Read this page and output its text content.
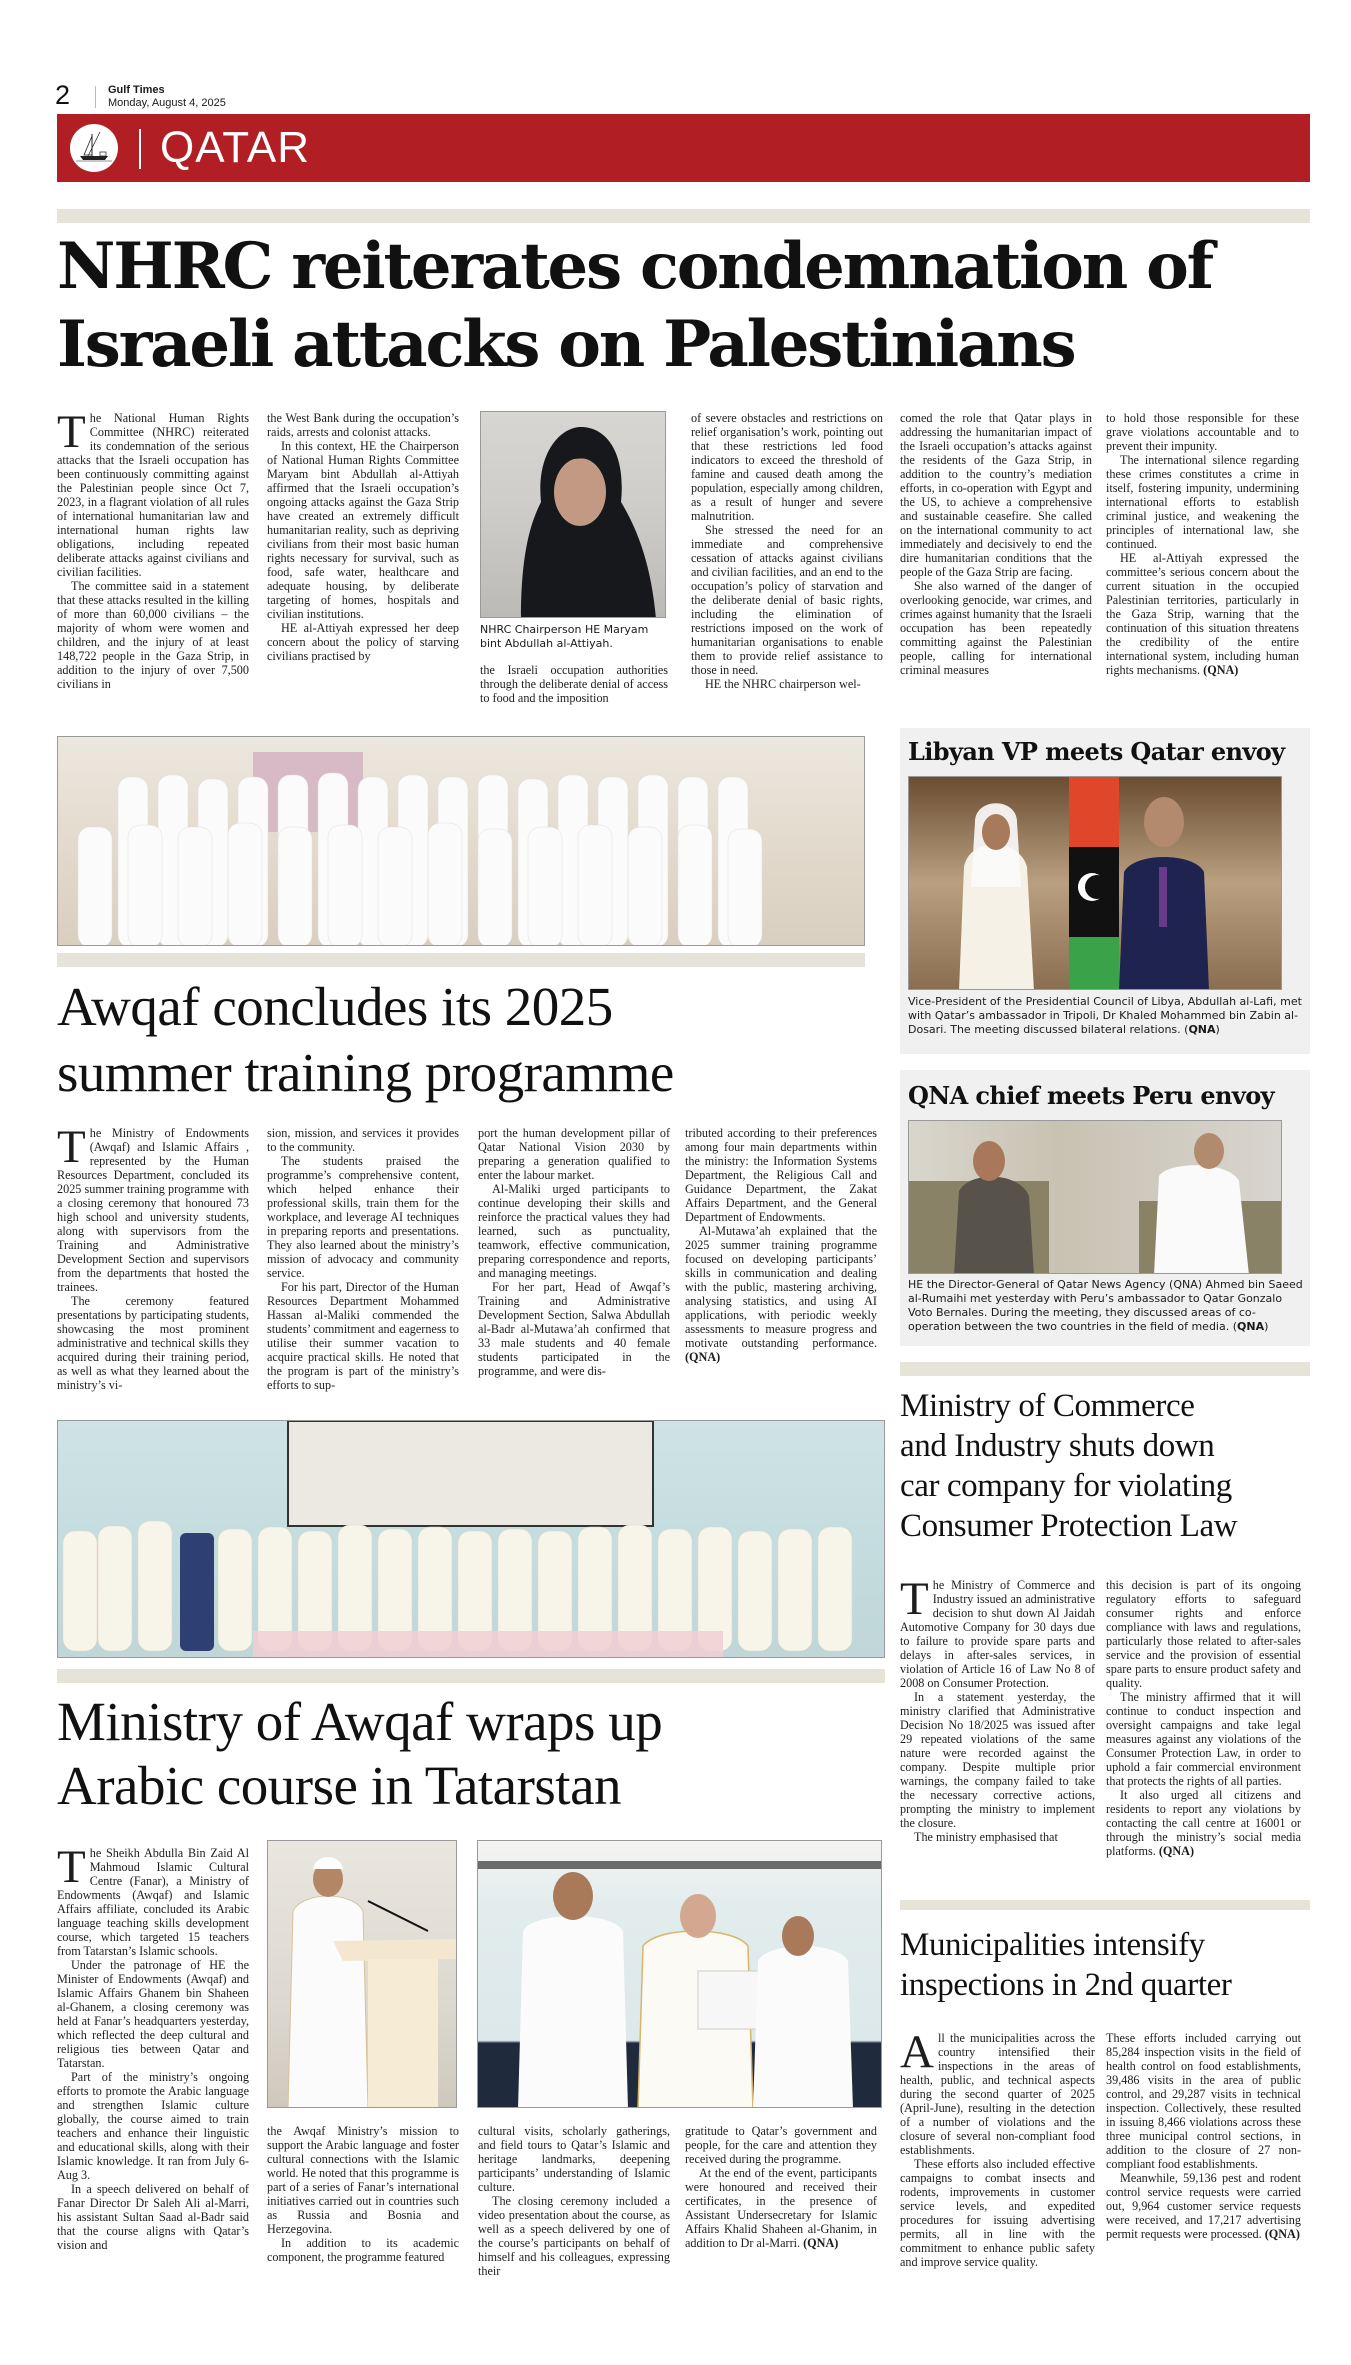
2	Gulf Times
Monday, August 4, 2025
QATAR
NHRC reiterates condemnation of
Israeli attacks on Palestinians

The National Human Rights Committee (NHRC) reiterated its condemnation of the serious attacks that the Israeli occupation has been continuously committing against the Palestinian people since Oct 7, 2023, in a flagrant violation of all rules of international humanitarian law and international human rights law obligations, including repeated deliberate attacks against civilians and civilian facilities.

The committee said in a statement that these attacks resulted in the killing of more than 60,000 civilians – the majority of whom were women and children, and the injury of at least 148,722 people in the Gaza Strip, in addition to the injury of over 7,500 civilians in

the West Bank during the occupation’s raids, arrests and colonist attacks.

In this context, HE the Chairperson of National Human Rights Committee Maryam bint Abdullah al-Attiyah affirmed that the Israeli occupation’s ongoing attacks against the Gaza Strip have created an extremely difficult humanitarian reality, such as depriving civilians from their most basic human rights necessary for survival, such as food, safe water, healthcare and adequate housing, by deliberate targeting of homes, hospitals and civilian institutions.

HE al-Attiyah expressed her deep concern about the policy of starving civilians practised by

NHRC Chairperson HE Maryam bint Abdullah al-Attiyah.

the Israeli occupation authorities through the deliberate denial of access to food and the imposition

of severe obstacles and restrictions on relief organisation’s work, pointing out that these restrictions led food indicators to exceed the threshold of famine and caused death among the population, especially among children, as a result of hunger and severe malnutrition.

She stressed the need for an immediate and comprehensive cessation of attacks against civilians and civilian facilities, and an end to the occupation’s policy of starvation and the deliberate denial of basic rights, including the elimination of restrictions imposed on the work of humanitarian organisations to enable them to provide relief assistance to those in need.

HE the NHRC chairperson wel-

comed the role that Qatar plays in addressing the humanitarian impact of the Israeli occupation’s attacks against the residents of the Gaza Strip, in addition to the country’s mediation efforts, in co-operation with Egypt and the US, to achieve a comprehensive and sustainable ceasefire. She called on the international community to act immediately and decisively to end the dire humanitarian conditions that the people of the Gaza Strip are facing.

She also warned of the danger of overlooking genocide, war crimes, and crimes against humanity that the Israeli occupation has been repeatedly committing against the Palestinian people, calling for international criminal measures

to hold those responsible for these grave violations accountable and to prevent their impunity.

The international silence regarding these crimes constitutes a crime in itself, fostering impunity, undermining international efforts to establish criminal justice, and weakening the principles of international law, she continued.

HE al-Attiyah expressed the committee’s serious concern about the current situation in the occupied Palestinian territories, particularly in the Gaza Strip, warning that the continuation of this situation threatens the credibility of the entire international system, including human rights mechanisms. (QNA)

Libyan VP meets Qatar envoy
Vice-President of the Presidential Council of Libya, Abdullah al-Lafi, met with Qatar’s ambassador in Tripoli, Dr Khaled Mohammed bin Zabin al-Dosari. The meeting discussed bilateral relations. (QNA)
QNA chief meets Peru envoy
HE the Director-General of Qatar News Agency (QNA) Ahmed bin Saeed al-Rumaihi met yesterday with Peru’s ambassador to Qatar Gonzalo Voto Bernales. During the meeting, they discussed areas of co-operation between the two countries in the field of media. (QNA)
Awqaf concludes its 2025
summer training programme

The Ministry of Endowments (Awqaf) and Islamic Affairs , represented by the Human Resources Department, concluded its 2025 summer training programme with a closing ceremony that honoured 73 high school and university students, along with supervisors from the Training and Administrative Development Section and supervisors from the departments that hosted the trainees.

The ceremony featured presentations by participating students, showcasing the most prominent administrative and technical skills they acquired during their training period, as well as what they learned about the ministry’s vi-

sion, mission, and services it provides to the community.

The students praised the programme’s comprehensive content, which helped enhance their professional skills, train them for the workplace, and leverage AI techniques in preparing reports and presentations. They also learned about the ministry’s mission of advocacy and community service.

For his part, Director of the Human Resources Department Mohammed Hassan al-Maliki commended the students’ commitment and eagerness to utilise their summer vacation to acquire practical skills. He noted that the program is part of the ministry’s efforts to sup-

port the human development pillar of Qatar National Vision 2030 by preparing a generation qualified to enter the labour market.

Al-Maliki urged participants to continue developing their skills and reinforce the practical values they had learned, such as punctuality, teamwork, effective communication, preparing correspondence and reports, and managing meetings.

For her part, Head of Awqaf’s Training and Administrative Development Section, Salwa Abdullah al-Badr al-Mutawa’ah confirmed that 33 male students and 40 female students participated in the programme, and were dis-

tributed according to their preferences among four main departments within the ministry: the Information Systems Department, the Religious Call and Guidance Department, the Zakat Affairs Department, and the General Department of Endowments.

Al-Mutawa’ah explained that the 2025 summer training programme focused on developing participants’ skills in communication and dealing with the public, mastering archiving, analysing statistics, and using AI applications, with periodic weekly assessments to measure progress and motivate outstanding performance. (QNA)

Ministry of Commerce
and Industry shuts down
car company for violating
Consumer Protection Law

The Ministry of Commerce and Industry issued an administrative decision to shut down Al Jaidah Automotive Company for 30 days due to failure to provide spare parts and delays in after-sales services, in violation of Article 16 of Law No 8 of 2008 on Consumer Protection.

In a statement yesterday, the ministry clarified that Administrative Decision No 18/2025 was issued after 29 repeated violations of the same nature were recorded against the company. Despite multiple prior warnings, the company failed to take the necessary corrective actions, prompting the ministry to implement the closure.

The ministry emphasised that

this decision is part of its ongoing regulatory efforts to safeguard consumer rights and enforce compliance with laws and regulations, particularly those related to after-sales service and the provision of essential spare parts to ensure product safety and quality.

The ministry affirmed that it will continue to conduct inspection and oversight campaigns and take legal measures against any violations of the Consumer Protection Law, in order to uphold a fair commercial environment that protects the rights of all parties.

It also urged all citizens and residents to report any violations by contacting the call centre at 16001 or through the ministry’s social media platforms. (QNA)

Ministry of Awqaf wraps up
Arabic course in Tatarstan

The Sheikh Abdulla Bin Zaid Al Mahmoud Islamic Cultural Centre (Fanar), a Ministry of Endowments (Awqaf) and Islamic Affairs affiliate, concluded its Arabic language teaching skills development course, which targeted 15 teachers from Tatarstan’s Islamic schools.

Under the patronage of HE the Minister of Endowments (Awqaf) and Islamic Affairs Ghanem bin Shaheen al-Ghanem, a closing ceremony was held at Fanar’s headquarters yesterday, which reflected the deep cultural and religious ties between Qatar and Tatarstan.

Part of the ministry’s ongoing efforts to promote the Arabic language and strengthen Islamic culture globally, the course aimed to train teachers and enhance their linguistic and educational skills, along with their Islamic knowledge. It ran from July 6-Aug 3.

In a speech delivered on behalf of Fanar Director Dr Saleh Ali al-Marri, his assistant Sultan Saad al-Badr said that the course aligns with Qatar’s vision and

the Awqaf Ministry’s mission to support the Arabic language and foster cultural connections with the Islamic world. He noted that this programme is part of a series of Fanar’s international initiatives carried out in countries such as Russia and Bosnia and Herzegovina.

In addition to its academic component, the programme featured

cultural visits, scholarly gatherings, and field tours to Qatar’s Islamic and heritage landmarks, deepening participants’ understanding of Islamic culture.

The closing ceremony included a video presentation about the course, as well as a speech delivered by one of the course’s participants on behalf of himself and his colleagues, expressing their

gratitude to Qatar’s government and people, for the care and attention they received during the programme.

At the end of the event, participants were honoured and received their certificates, in the presence of Assistant Undersecretary for Islamic Affairs Khalid Shaheen al-Ghanim, in addition to Dr al-Marri. (QNA)

Municipalities intensify
inspections in 2nd quarter

All the municipalities across the country intensified their inspections in the areas of health, public, and technical aspects during the second quarter of 2025 (April-June), resulting in the detection of a number of violations and the closure of several non-compliant food establishments.

These efforts also included effective campaigns to combat insects and rodents, improvements in customer service levels, and expedited procedures for issuing advertising permits, all in line with the commitment to enhance public safety and improve service quality.

These efforts included carrying out 85,284 inspection visits in the field of health control on food establishments, 39,486 visits in the area of public control, and 29,287 visits in technical inspection. Collectively, these resulted in issuing 8,466 violations across these three municipal control sections, in addition to the closure of 27 non-compliant food establishments.

Meanwhile, 59,136 pest and rodent control service requests were carried out, 9,964 customer service requests were received, and 17,217 advertising permit requests were processed. (QNA)
